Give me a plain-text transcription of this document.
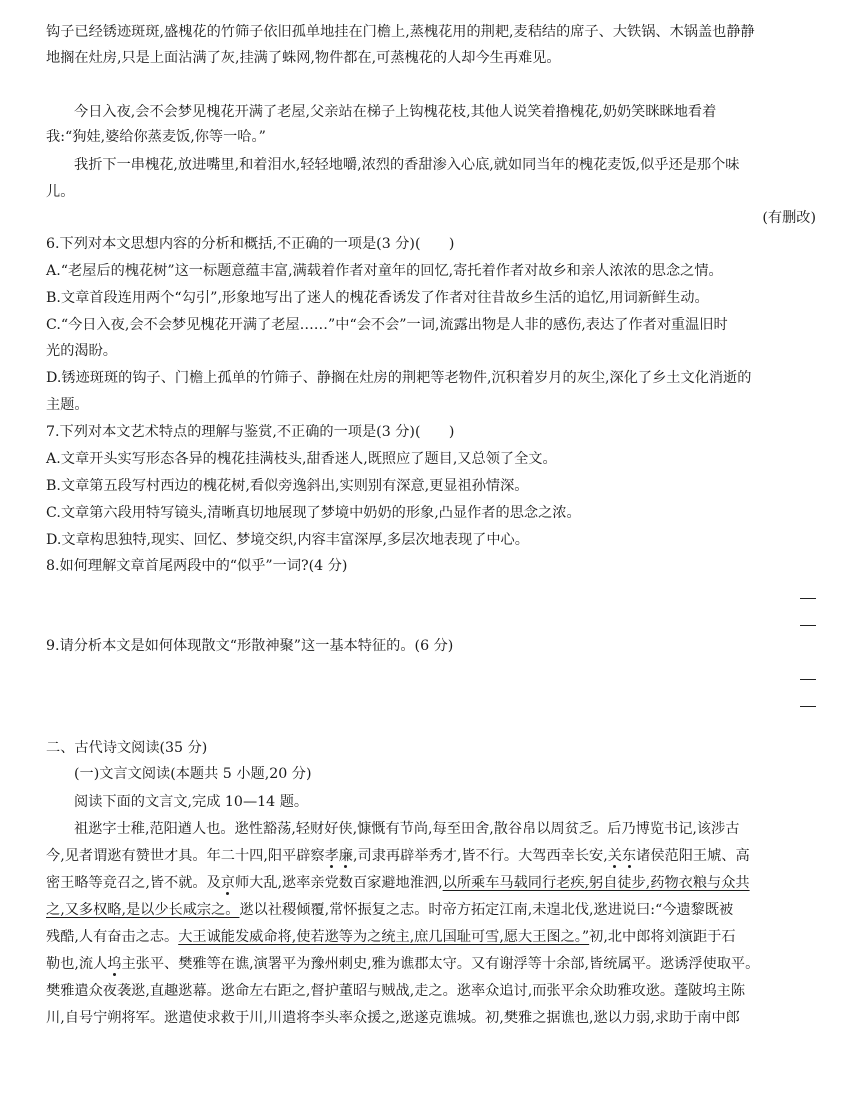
钩子已经锈迹斑斑,盛槐花的竹筛子依旧孤单地挂在门檐上,蒸槐花用的荆耙,麦秸结的席子、大铁锅、木锅盖也静静
地搁在灶房,只是上面沾满了灰,挂满了蛛网,物件都在,可蒸槐花的人却今生再难见。
今日入夜,会不会梦见槐花开满了老屋,父亲站在梯子上钩槐花枝,其他人说笑着撸槐花,奶奶笑眯眯地看着
我:“狗娃,婆给你蒸麦饭,你等一哈。”
我折下一串槐花,放进嘴里,和着泪水,轻轻地嚼,浓烈的香甜渗入心底,就如同当年的槐花麦饭,似乎还是那个味
儿。
(有删改)
6.下列对本文思想内容的分析和概括,不正确的一项是(3 分)(　　)
A.“老屋后的槐花树”这一标题意蕴丰富,满载着作者对童年的回忆,寄托着作者对故乡和亲人浓浓的思念之情。
B.文章首段连用两个“勾引”,形象地写出了迷人的槐花香诱发了作者对往昔故乡生活的追忆,用词新鲜生动。
C.“今日入夜,会不会梦见槐花开满了老屋……”中“会不会”一词,流露出物是人非的感伤,表达了作者对重温旧时
光的渴盼。
D.锈迹斑斑的钩子、门檐上孤单的竹筛子、静搁在灶房的荆耙等老物件,沉积着岁月的灰尘,深化了乡土文化消逝的
主题。
7.下列对本文艺术特点的理解与鉴赏,不正确的一项是(3 分)(　　)
A.文章开头实写形态各异的槐花挂满枝头,甜香迷人,既照应了题目,又总领了全文。
B.文章第五段写村西边的槐花树,看似旁逸斜出,实则别有深意,更显祖孙情深。
C.文章第六段用特写镜头,清晰真切地展现了梦境中奶奶的形象,凸显作者的思念之浓。
D.文章构思独特,现实、回忆、梦境交织,内容丰富深厚,多层次地表现了中心。
8.如何理解文章首尾两段中的“似乎”一词?(4 分)
9.请分析本文是如何体现散文“形散神聚”这一基本特征的。(6 分)
二、古代诗文阅读(35 分)
(一)文言文阅读(本题共 5 小题,20 分)
阅读下面的文言文,完成 10—14 题。
祖逖字士稚,范阳遒人也。逖性豁荡,轻财好侠,慷慨有节尚,每至田舍,散谷帛以周贫乏。后乃博览书记,该涉古
今,见者谓逖有赞世才具。年二十四,阳平辟察孝廉,司隶再辟举秀才,皆不行。大驾西幸长安,关东诸侯范阳王虓、高
密王略等竞召之,皆不就。及京师大乱,逖率亲党数百家避地淮泗,以所乘车马载同行老疾,躬自徒步,药物衣粮与众共
之,又多权略,是以少长咸宗之。逖以社稷倾覆,常怀振复之志。时帝方拓定江南,未遑北伐,逖进说曰:“今遗黎既被
残酷,人有奋击之志。大王诚能发威命将,使若逖等为之统主,庶几国耻可雪,愿大王图之。”初,北中郎将刘演距于石
勒也,流人坞主张平、樊雅等在谯,演署平为豫州刺史,雅为谯郡太守。又有谢浮等十余部,皆统属平。逖诱浮使取平。
樊雅遣众夜袭逖,直趣逖幕。逖命左右距之,督护董昭与贼战,走之。逖率众追讨,而张平余众助雅攻逖。蓬陂坞主陈
川,自号宁朔将军。逖遣使求救于川,川遣将李头率众援之,逖遂克谯城。初,樊雅之据谯也,逖以力弱,求助于南中郎
